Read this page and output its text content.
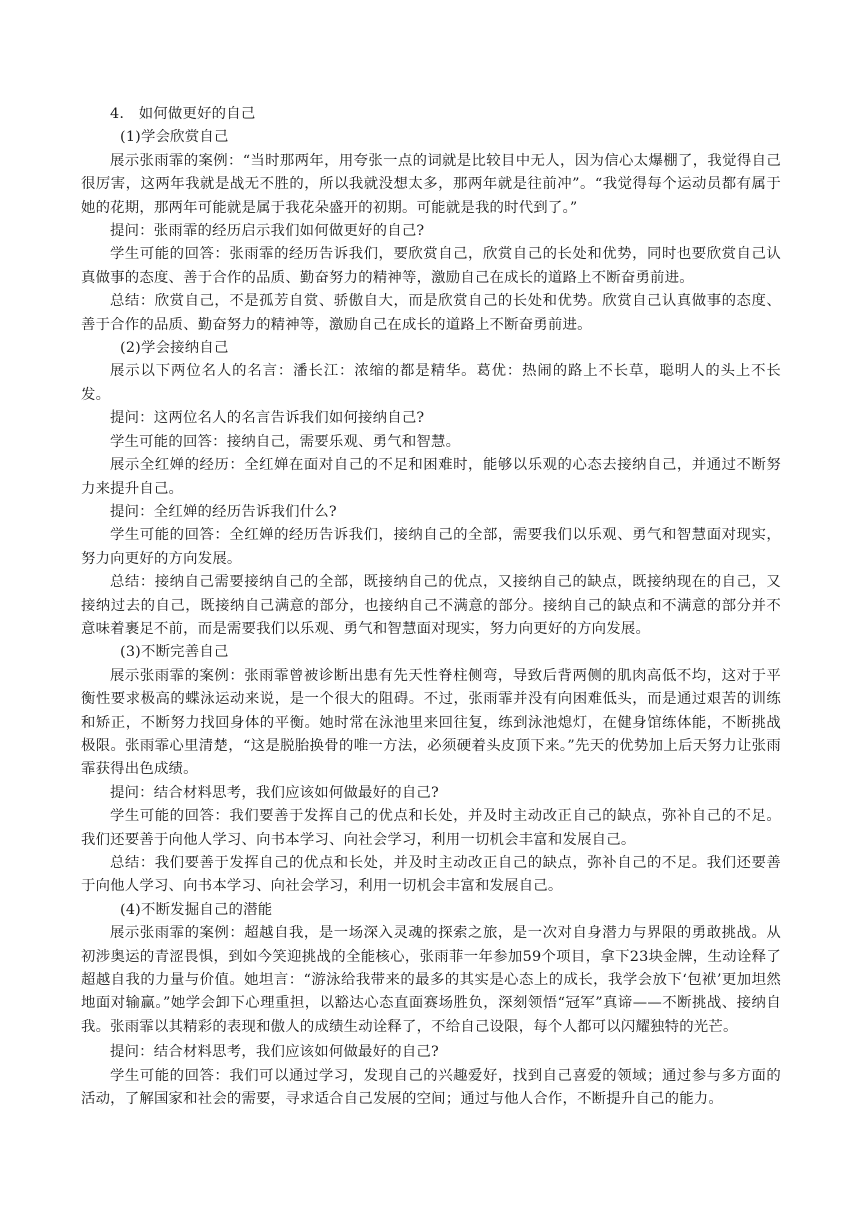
4.　如何做更好的自己

(1)学会欣赏自己

展示张雨霏的案例：“当时那两年，用夸张一点的词就是比较目中无人，因为信心太爆棚了，我觉得自己很厉害，这两年我就是战无不胜的，所以我就没想太多，那两年就是往前冲”。“我觉得每个运动员都有属于她的花期，那两年可能就是属于我花朵盛开的初期。可能就是我的时代到了。”

提问：张雨霏的经历启示我们如何做更好的自己?

学生可能的回答：张雨霏的经历告诉我们，要欣赏自己，欣赏自己的长处和优势，同时也要欣赏自己认真做事的态度、善于合作的品质、勤奋努力的精神等，激励自己在成长的道路上不断奋勇前进。

总结：欣赏自己，不是孤芳自赏、骄傲自大，而是欣赏自己的长处和优势。欣赏自己认真做事的态度、善于合作的品质、勤奋努力的精神等，激励自己在成长的道路上不断奋勇前进。

(2)学会接纳自己

展示以下两位名人的名言：潘长江：浓缩的都是精华。葛优：热闹的路上不长草，聪明人的头上不长发。

提问：这两位名人的名言告诉我们如何接纳自己?

学生可能的回答：接纳自己，需要乐观、勇气和智慧。

展示全红婵的经历：全红婵在面对自己的不足和困难时，能够以乐观的心态去接纳自己，并通过不断努力来提升自己。

提问：全红婵的经历告诉我们什么?

学生可能的回答：全红婵的经历告诉我们，接纳自己的全部，需要我们以乐观、勇气和智慧面对现实，努力向更好的方向发展。

总结：接纳自己需要接纳自己的全部，既接纳自己的优点，又接纳自己的缺点，既接纳现在的自己，又接纳过去的自己，既接纳自己满意的部分，也接纳自己不满意的部分。接纳自己的缺点和不满意的部分并不意味着裹足不前，而是需要我们以乐观、勇气和智慧面对现实，努力向更好的方向发展。

(3)不断完善自己

展示张雨霏的案例：张雨霏曾被诊断出患有先天性脊柱侧弯，导致后背两侧的肌肉高低不均，这对于平衡性要求极高的蝶泳运动来说，是一个很大的阻碍。不过，张雨霏并没有向困难低头，而是通过艰苦的训练和矫正，不断努力找回身体的平衡。她时常在泳池里来回往复，练到泳池熄灯，在健身馆练体能，不断挑战极限。张雨霏心里清楚，“这是脱胎换骨的唯一方法，必须硬着头皮顶下来。”先天的优势加上后天努力让张雨霏获得出色成绩。

提问：结合材料思考，我们应该如何做最好的自己?

学生可能的回答：我们要善于发挥自己的优点和长处，并及时主动改正自己的缺点，弥补自己的不足。我们还要善于向他人学习、向书本学习、向社会学习，利用一切机会丰富和发展自己。

总结：我们要善于发挥自己的优点和长处，并及时主动改正自己的缺点，弥补自己的不足。我们还要善于向他人学习、向书本学习、向社会学习，利用一切机会丰富和发展自己。

(4)不断发掘自己的潜能

展示张雨霏的案例：超越自我，是一场深入灵魂的探索之旅，是一次对自身潜力与界限的勇敢挑战。从初涉奥运的青涩畏惧，到如今笑迎挑战的全能核心，张雨菲一年参加59个项目，拿下23块金牌，生动诠释了超越自我的力量与价值。她坦言：“游泳给我带来的最多的其实是心态上的成长，我学会放下‘包袱’更加坦然地面对输赢。”她学会卸下心理重担，以豁达心态直面赛场胜负，深刻领悟“冠军”真谛——不断挑战、接纳自我。张雨霏以其精彩的表现和傲人的成绩生动诠释了，不给自己设限，每个人都可以闪耀独特的光芒。

提问：结合材料思考，我们应该如何做最好的自己?

学生可能的回答：我们可以通过学习，发现自己的兴趣爱好，找到自己喜爱的领域；通过参与多方面的活动，了解国家和社会的需要，寻求适合自己发展的空间；通过与他人合作，不断提升自己的能力。
